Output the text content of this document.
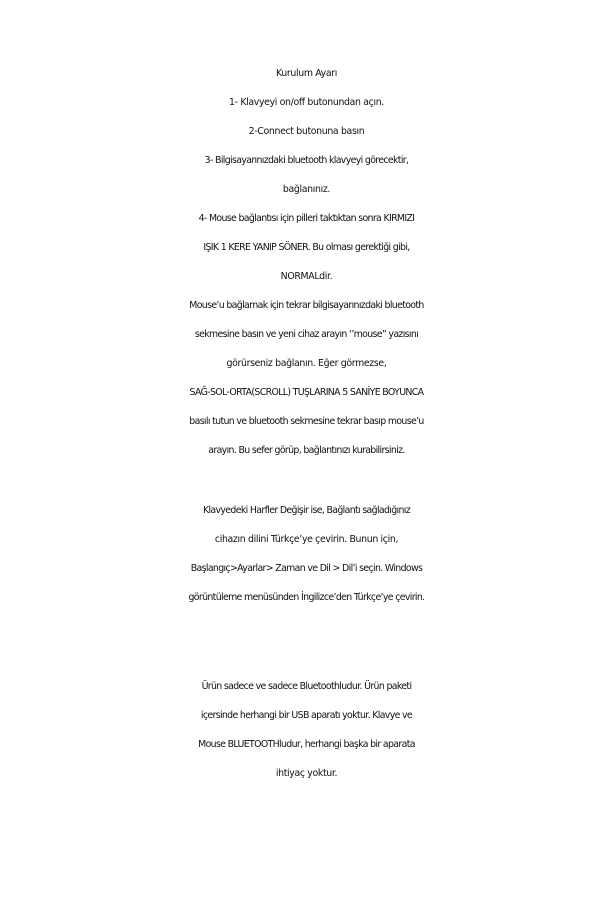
Kurulum Ayarı
1- Klavyeyi on/off butonundan açın.
2-Connect butonuna basın
3- Bilgisayarınızdaki bluetooth klavyeyi görecektir,
bağlanınız.
4- Mouse bağlantısı için pilleri taktıktan sonra KIRMIZI
IŞIK 1 KERE YANIP SÖNER. Bu olması gerektiği gibi,
NORMALdir.
Mouse’u bağlamak için tekrar bilgisayarınızdaki bluetooth
sekmesine basın ve yeni cihaz arayın ‘’mouse” yazısını
görürseniz bağlanın. Eğer görmezse,
SAĞ-SOL-ORTA(SCROLL) TUŞLARINA 5 SANİYE BOYUNCA
basılı tutun ve bluetooth sekmesine tekrar basıp mouse’u
arayın. Bu sefer görüp, bağlantınızı kurabilirsiniz.
Klavyedeki Harfler Değişir ise, Bağlantı sağladığınız
cihazın dilini Türkçe’ye çevirin. Bunun için,
Başlangıç>Ayarlar> Zaman ve Dil > Dil’i seçin. Windows
görüntüleme menüsünden İngilizce’den Türkçe’ye çevirin.
Ürün sadece ve sadece Bluetoothludur. Ürün paketi
içersinde herhangi bir USB aparatı yoktur. Klavye ve
Mouse BLUETOOTHludur, herhangi başka bir aparata
ihtiyaç yoktur.
